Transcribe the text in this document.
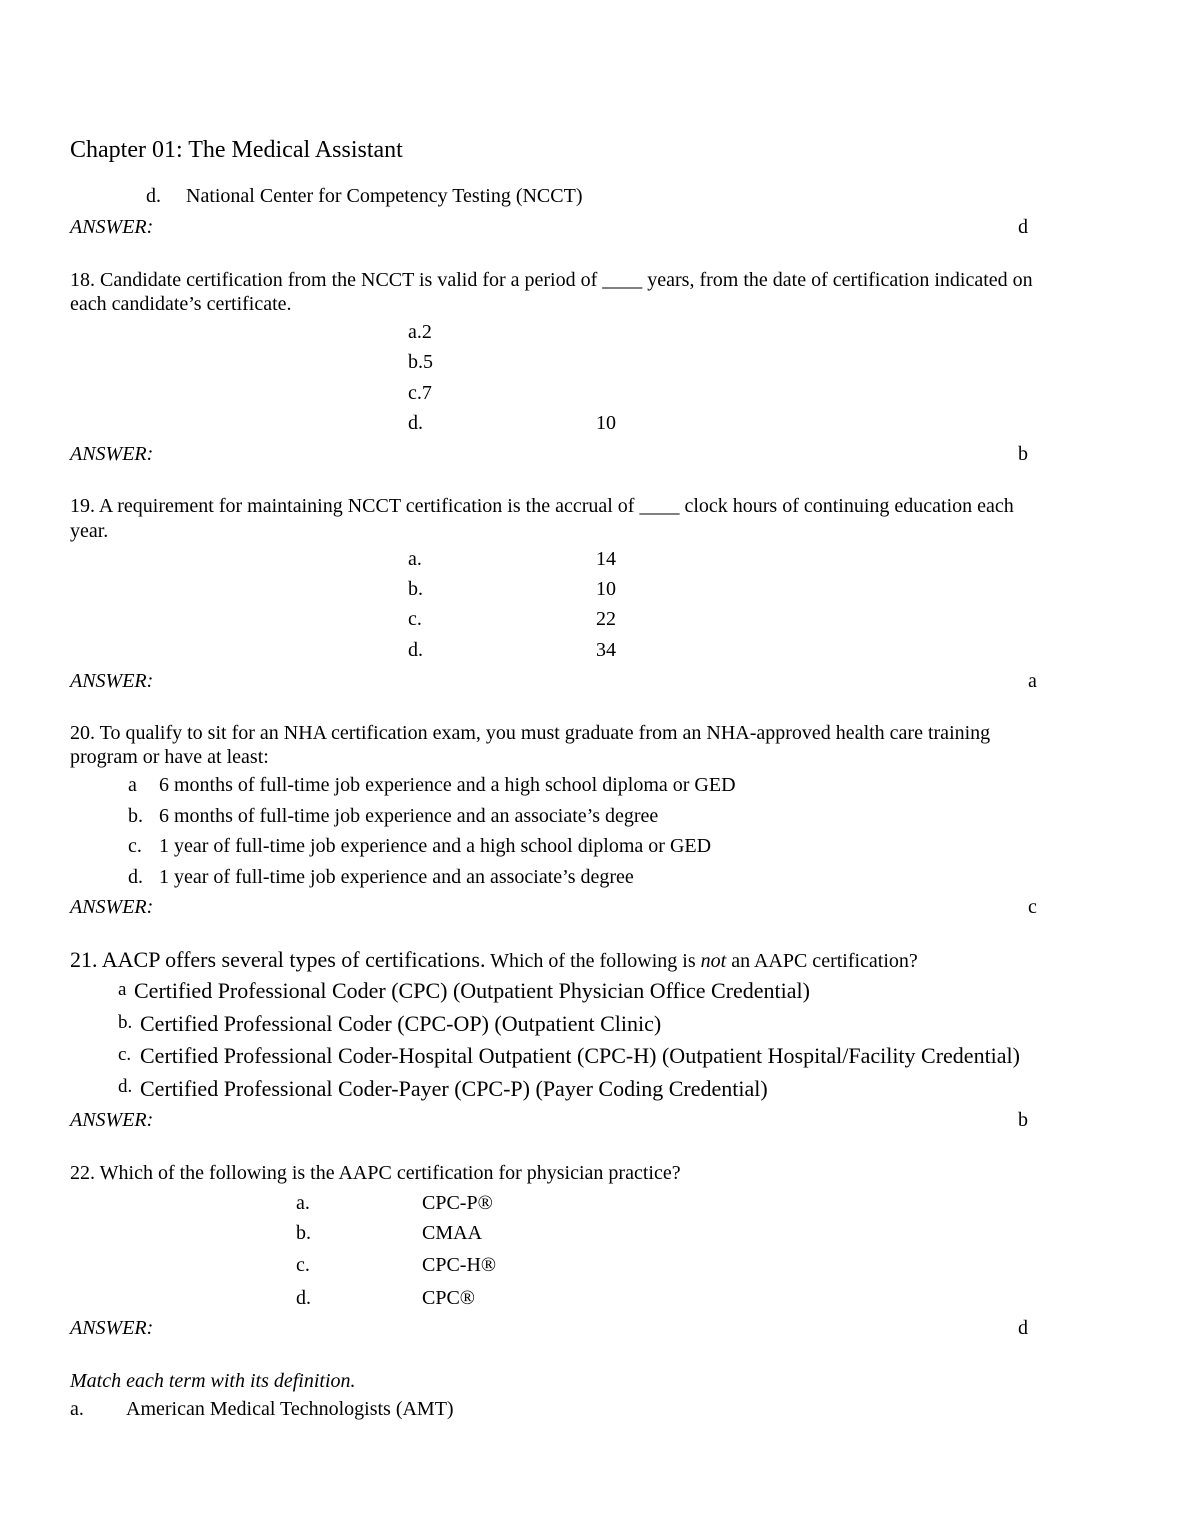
Chapter 01: The Medical Assistant
d. National Center for Competency Testing (NCCT)
ANSWER:	d
18. Candidate certification from the NCCT is valid for a period of ____ years, from the date of certification indicated on
each candidate’s certificate.
a.2
b.5
c.7
d.	10
ANSWER:	b
19. A requirement for maintaining NCCT certification is the accrual of ____ clock hours of continuing education each
year.
a.	14
b.	10
c.	22
d.	34
ANSWER:	a
20. To qualify to sit for an NHA certification exam, you must graduate from an NHA-approved health care training
program or have at least:
a 6 months of full-time job experience and a high school diploma or GED
b. 6 months of full-time job experience and an associate’s degree
c. 1 year of full-time job experience and a high school diploma or GED
d. 1 year of full-time job experience and an associate’s degree
ANSWER:	c
21. AACP offers several types of certifications. Which of the following is not an AAPC certification?
a Certified Professional Coder (CPC) (Outpatient Physician Office Credential)
b. Certified Professional Coder (CPC-OP) (Outpatient Clinic)
c. Certified Professional Coder-Hospital Outpatient (CPC-H) (Outpatient Hospital/Facility Credential)
d. Certified Professional Coder-Payer (CPC-P) (Payer Coding Credential)
ANSWER:	b
22. Which of the following is the AAPC certification for physician practice?
a.	CPC-P®
b.	CMAA
c.	CPC-H®
d.	CPC®
ANSWER:	d
Match each term with its definition.
a. American Medical Technologists (AMT)
